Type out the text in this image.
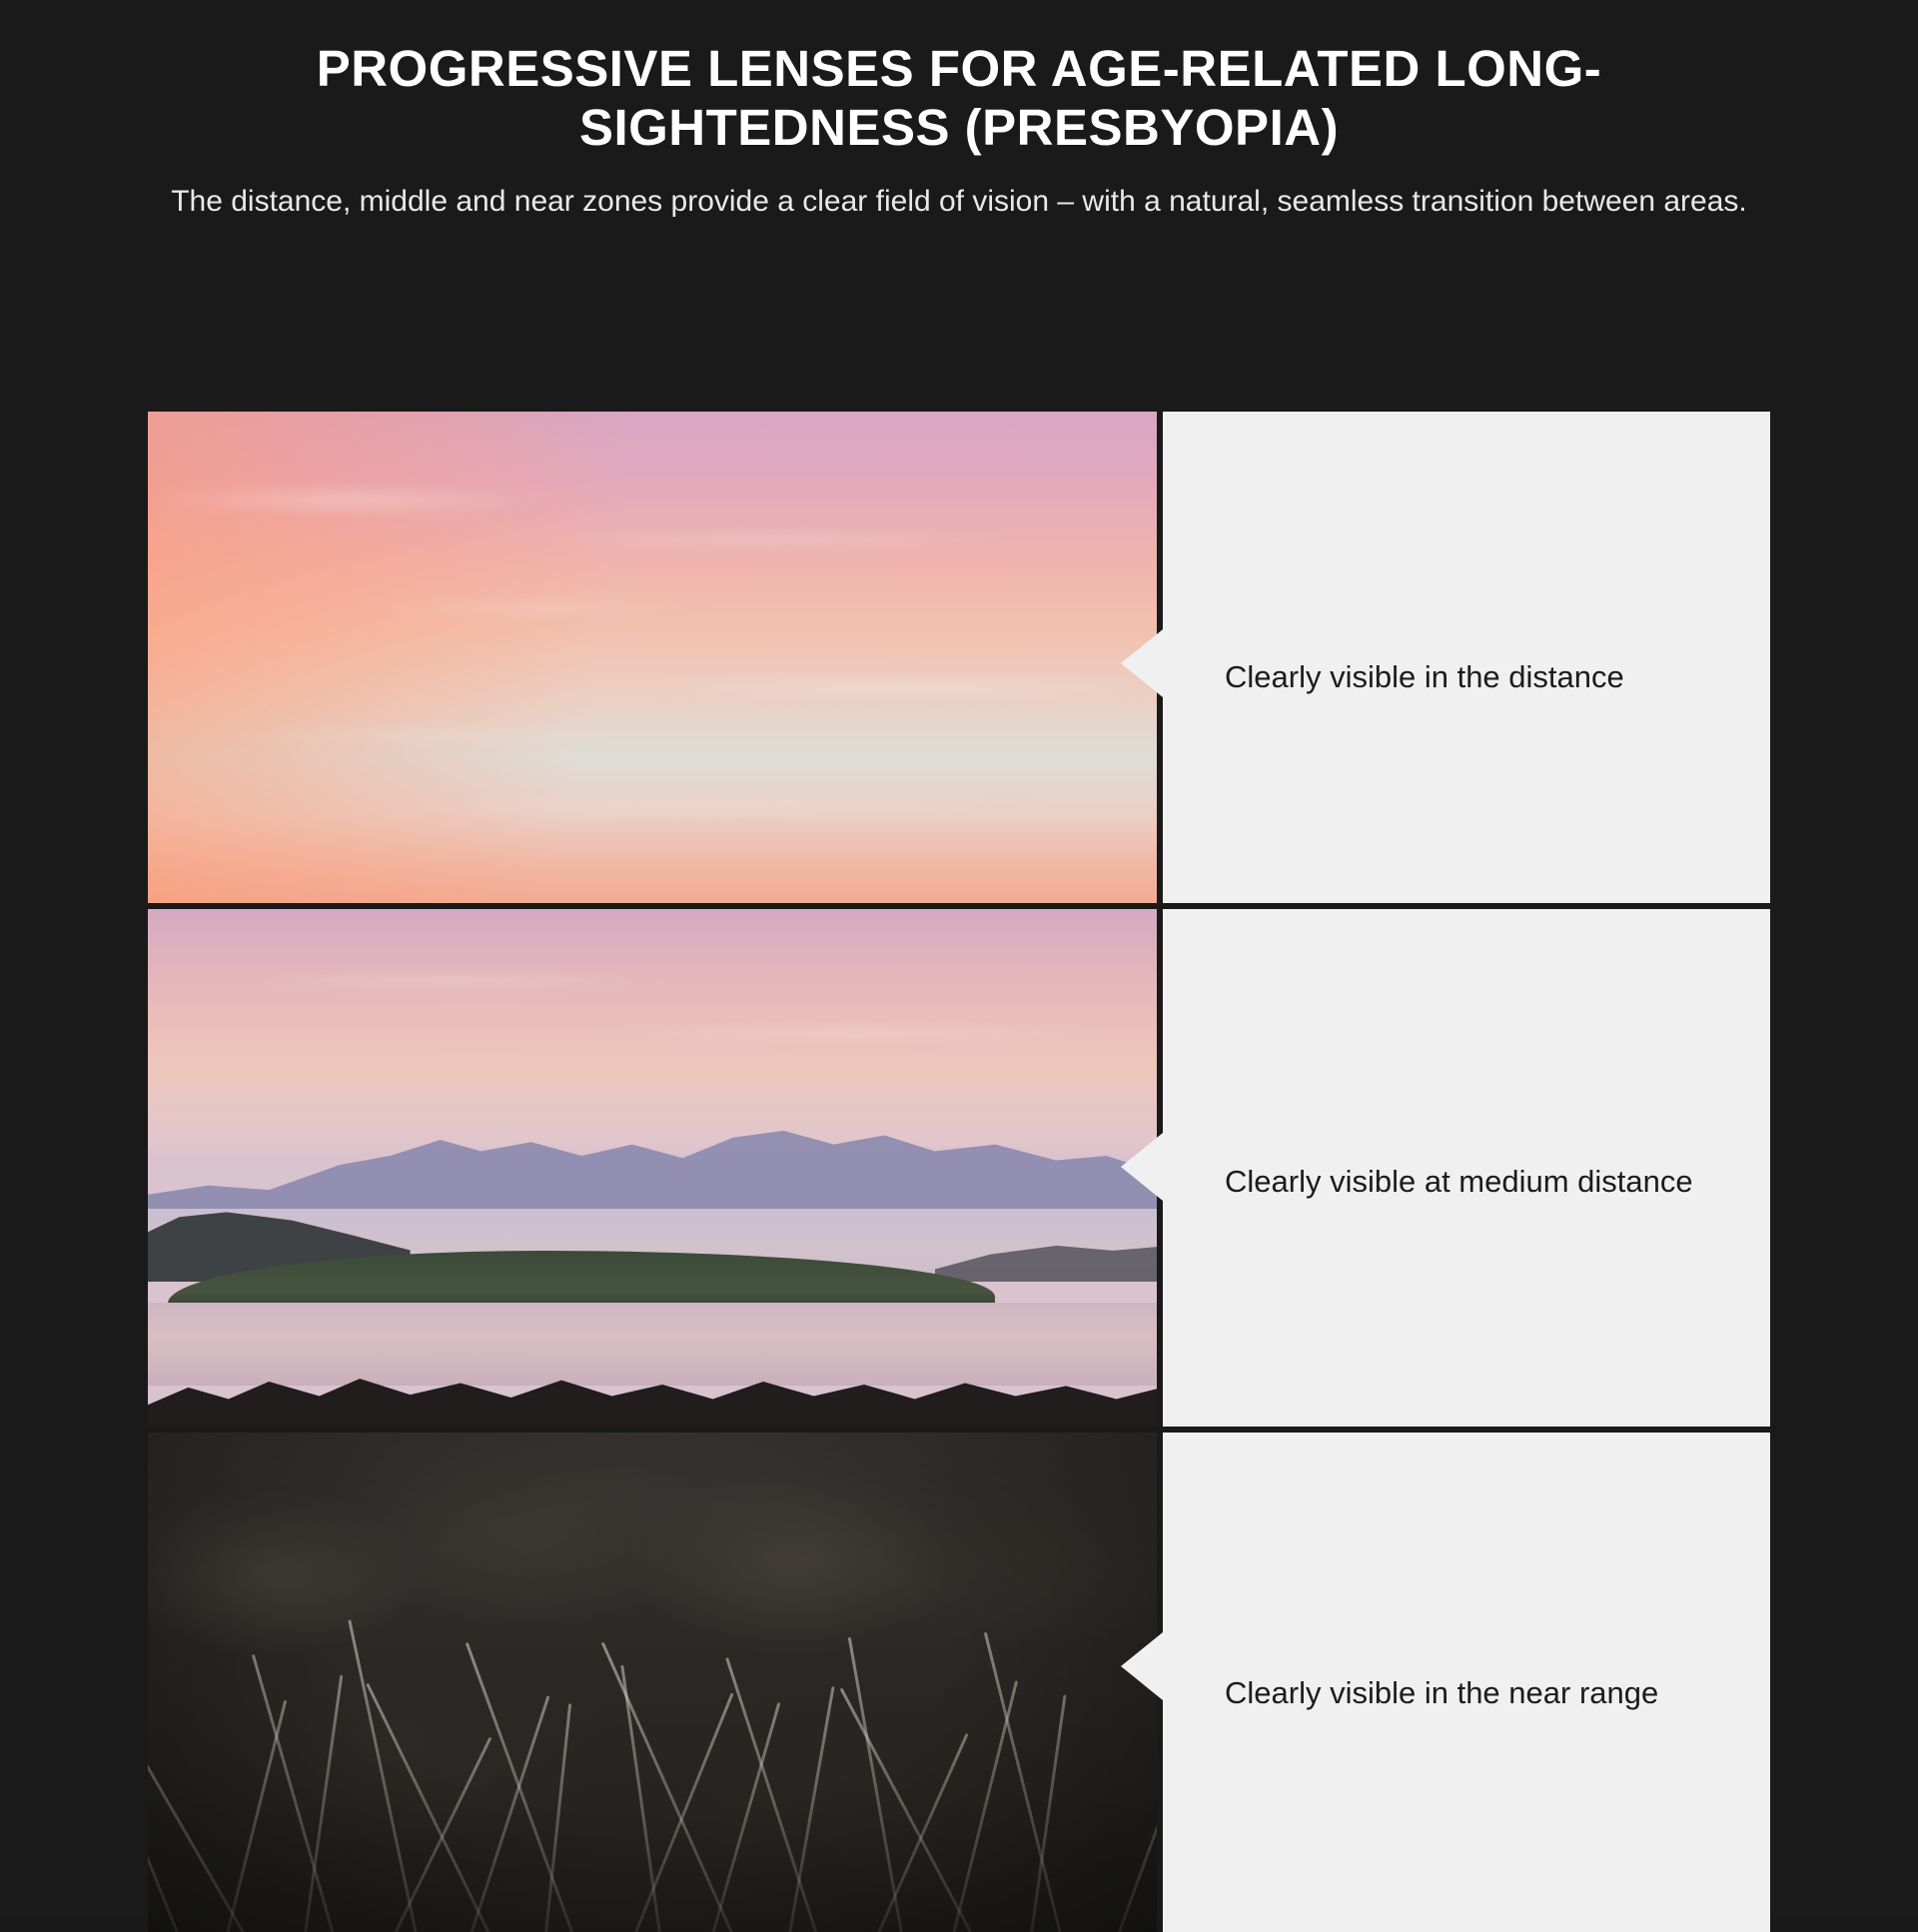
PROGRESSIVE LENSES FOR AGE-RELATED LONG-SIGHTEDNESS (PRESBYOPIA)

The distance, middle and near zones provide a clear field of vision – with a natural, seamless transition between areas.

Clearly visible in the distance
Clearly visible at medium distance
Clearly visible in the near range
